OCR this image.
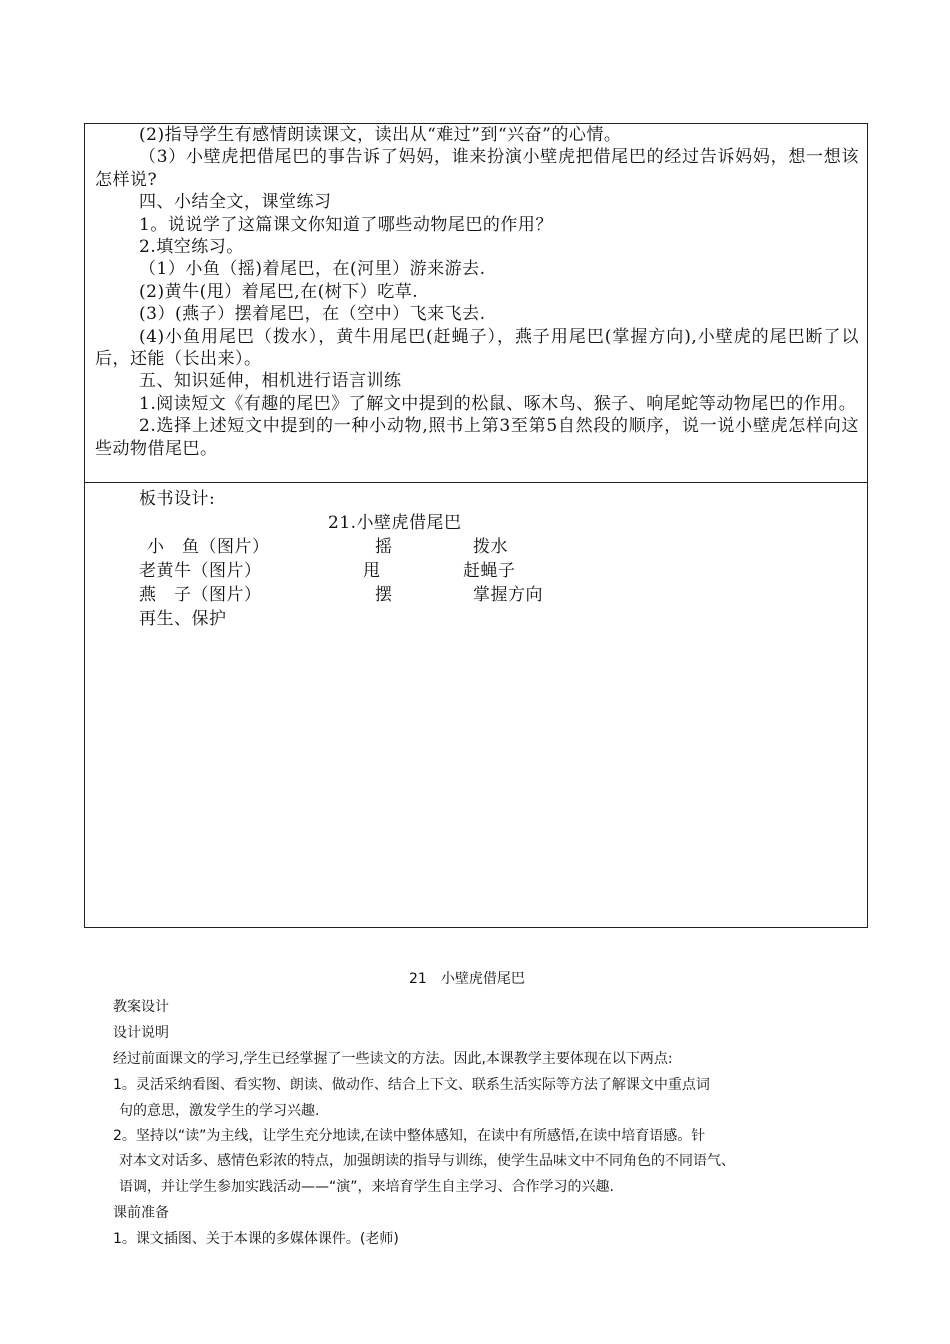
(2)指导学生有感情朗读课文，读出从“难过”到“兴奋”的心情。

（3）小壁虎把借尾巴的事告诉了妈妈，谁来扮演小壁虎把借尾巴的经过告诉妈妈，想一想该怎样说?

四、小结全文，课堂练习

1。说说学了这篇课文你知道了哪些动物尾巴的作用？

2.填空练习。

（1）小鱼（摇)着尾巴，在(河里）游来游去.

(2)黄牛(甩）着尾巴,在(树下）吃草.

(3）(燕子）摆着尾巴，在（空中）飞来飞去.

(4)小鱼用尾巴（拨水），黄牛用尾巴(赶蝇子），燕子用尾巴(掌握方向),小壁虎的尾巴断了以后，还能（长出来）。

五、知识延伸，相机进行语言训练

1.阅读短文《有趣的尾巴》了解文中提到的松鼠、啄木鸟、猴子、响尾蛇等动物尾巴的作用。

2.选择上述短文中提到的一种小动物,照书上第3至第5自然段的顺序，说一说小壁虎怎样向这些动物借尾巴。

板书设计:
21.小壁虎借尾巴
小　鱼（图片）	摇	拨水
老黄牛（图片）	甩	赶蝇子
燕　子（图片）	摆	掌握方向
再生、保护
21　小壁虎借尾巴
教案设计
设计说明
经过前面课文的学习,学生已经掌握了一些读文的方法。因此,本课教学主要体现在以下两点:
1。灵活采纳看图、看实物、朗读、做动作、结合上下文、联系生活实际等方法了解课文中重点词
句的意思，激发学生的学习兴趣.
2。坚持以“读”为主线，让学生充分地读,在读中整体感知，在读中有所感悟,在读中培育语感。针
对本文对话多、感情色彩浓的特点，加强朗读的指导与训练，使学生品味文中不同角色的不同语气、
语调，并让学生参加实践活动——“演”，来培育学生自主学习、合作学习的兴趣.
课前准备
1。课文插图、关于本课的多媒体课件。(老师)
